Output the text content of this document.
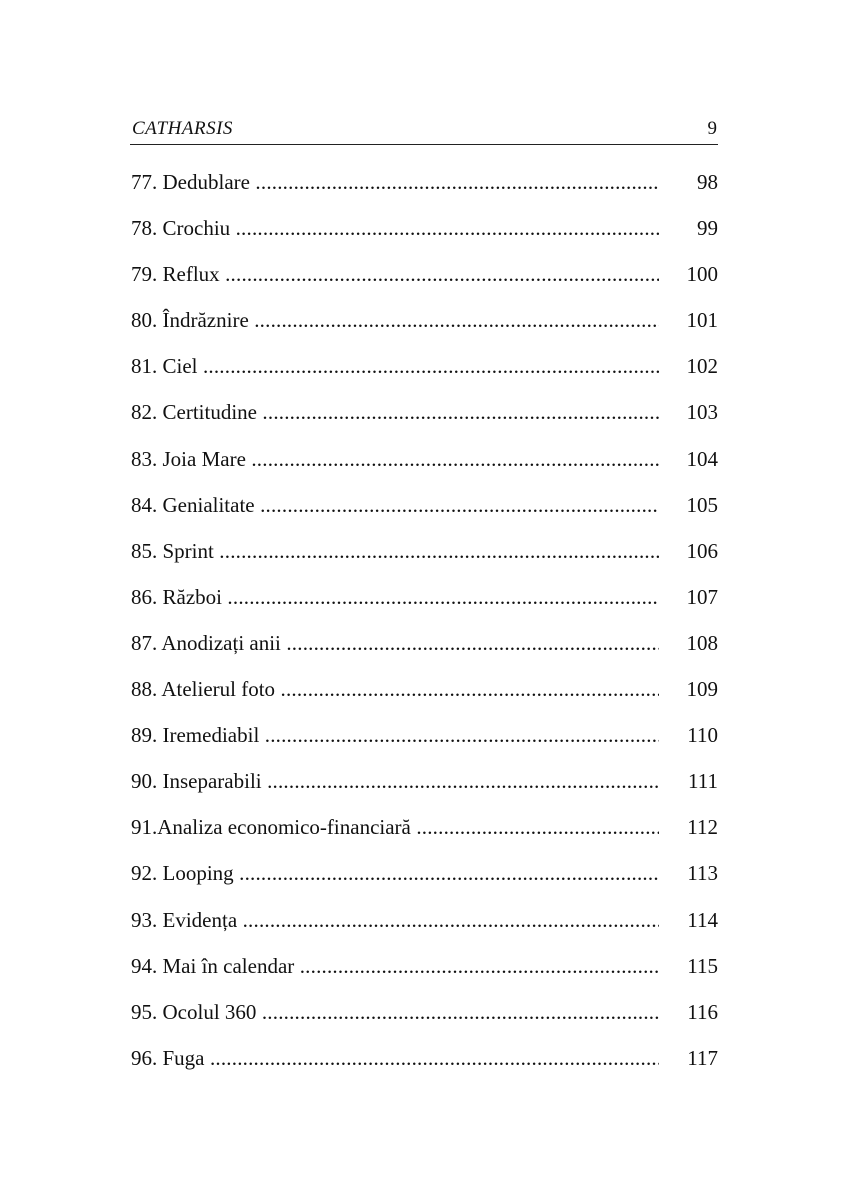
CATHARSIS	9
77. Dedublare .....	98
78. Crochiu .....	99
79. Reflux .....	100
80. Îndrăznire .....	101
81. Ciel .....	102
82. Certitudine .....	103
83. Joia Mare .....	104
84. Genialitate .....	105
85. Sprint .....	106
86. Război .....	107
87. Anodizați anii .....	108
88. Atelierul foto .....	109
89. Iremediabil .....	110
90. Inseparabili .....	111
91.Analiza economico-financiară .....	112
92. Looping .....	113
93. Evidența .....	114
94. Mai în calendar .....	115
95. Ocolul 360 .....	116
96. Fuga .....	117
